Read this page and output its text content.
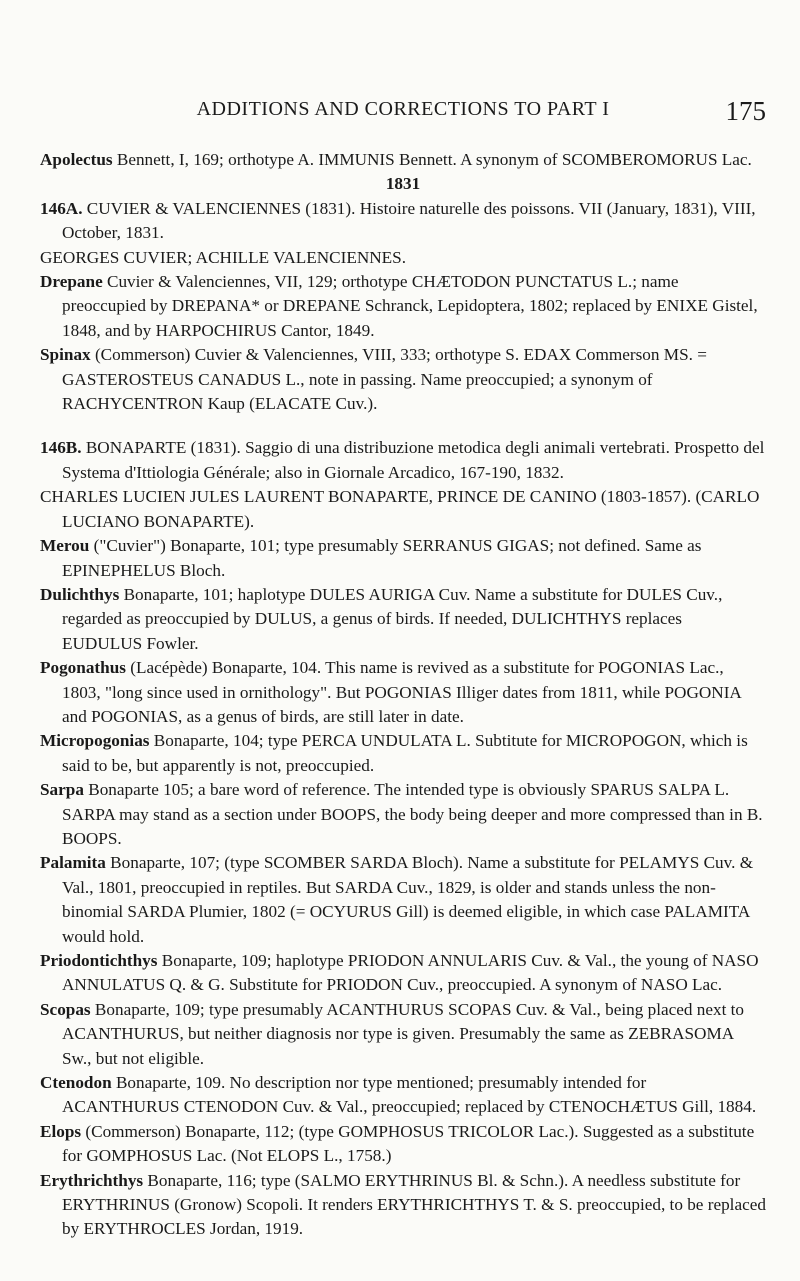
ADDITIONS AND CORRECTIONS TO PART I	175

Apolectus Bennett, I, 169; orthotype A. IMMUNIS Bennett. A synonym of SCOMBEROMORUS Lac.

1831

146A. CUVIER & VALENCIENNES (1831). Histoire naturelle des poissons. VII (January, 1831), VIII, October, 1831.

GEORGES CUVIER; ACHILLE VALENCIENNES.

Drepane Cuvier & Valenciennes, VII, 129; orthotype CHÆTODON PUNCTATUS L.; name preoccupied by DREPANA* or DREPANE Schranck, Lepidoptera, 1802; replaced by ENIXE Gistel, 1848, and by HARPOCHIRUS Cantor, 1849.

Spinax (Commerson) Cuvier & Valenciennes, VIII, 333; orthotype S. EDAX Commerson MS. = GASTEROSTEUS CANADUS L., note in passing. Name preoccupied; a synonym of RACHYCENTRON Kaup (ELACATE Cuv.).

146B. BONAPARTE (1831). Saggio di una distribuzione metodica degli animali vertebrati. Prospetto del Systema d'Ittiologia Générale; also in Giornale Arcadico, 167-190, 1832.

CHARLES LUCIEN JULES LAURENT BONAPARTE, PRINCE DE CANINO (1803-1857). (CARLO LUCIANO BONAPARTE).

Merou ("Cuvier") Bonaparte, 101; type presumably SERRANUS GIGAS; not defined. Same as EPINEPHELUS Bloch.

Dulichthys Bonaparte, 101; haplotype DULES AURIGA Cuv. Name a substitute for DULES Cuv., regarded as preoccupied by DULUS, a genus of birds. If needed, DULICHTHYS replaces EUDULUS Fowler.

Pogonathus (Lacépède) Bonaparte, 104. This name is revived as a substitute for POGONIAS Lac., 1803, "long since used in ornithology". But POGONIAS Illiger dates from 1811, while POGONIA and POGONIAS, as a genus of birds, are still later in date.

Micropogonias Bonaparte, 104; type PERCA UNDULATA L. Subtitute for MICROPOGON, which is said to be, but apparently is not, preoccupied.

Sarpa Bonaparte 105; a bare word of reference. The intended type is obviously SPARUS SALPA L. SARPA may stand as a section under BOOPS, the body being deeper and more compressed than in B. BOOPS.

Palamita Bonaparte, 107; (type SCOMBER SARDA Bloch). Name a substitute for PELAMYS Cuv. & Val., 1801, preoccupied in reptiles. But SARDA Cuv., 1829, is older and stands unless the non-binomial SARDA Plumier, 1802 (= OCYURUS Gill) is deemed eligible, in which case PALAMITA would hold.

Priodontichthys Bonaparte, 109; haplotype PRIODON ANNULARIS Cuv. & Val., the young of NASO ANNULATUS Q. & G. Substitute for PRIODON Cuv., preoccupied. A synonym of NASO Lac.

Scopas Bonaparte, 109; type presumably ACANTHURUS SCOPAS Cuv. & Val., being placed next to ACANTHURUS, but neither diagnosis nor type is given. Presumably the same as ZEBRASOMA Sw., but not eligible.

Ctenodon Bonaparte, 109. No description nor type mentioned; presumably intended for ACANTHURUS CTENODON Cuv. & Val., preoccupied; replaced by CTENOCHÆTUS Gill, 1884.

Elops (Commerson) Bonaparte, 112; (type GOMPHOSUS TRICOLOR Lac.). Suggested as a substitute for GOMPHOSUS Lac. (Not ELOPS L., 1758.)

Erythrichthys Bonaparte, 116; type (SALMO ERYTHRINUS Bl. & Schn.). A needless substitute for ERYTHRINUS (Gronow) Scopoli. It renders ERYTHRICHTHYS T. & S. preoccupied, to be replaced by ERYTHROCLES Jordan, 1919.
